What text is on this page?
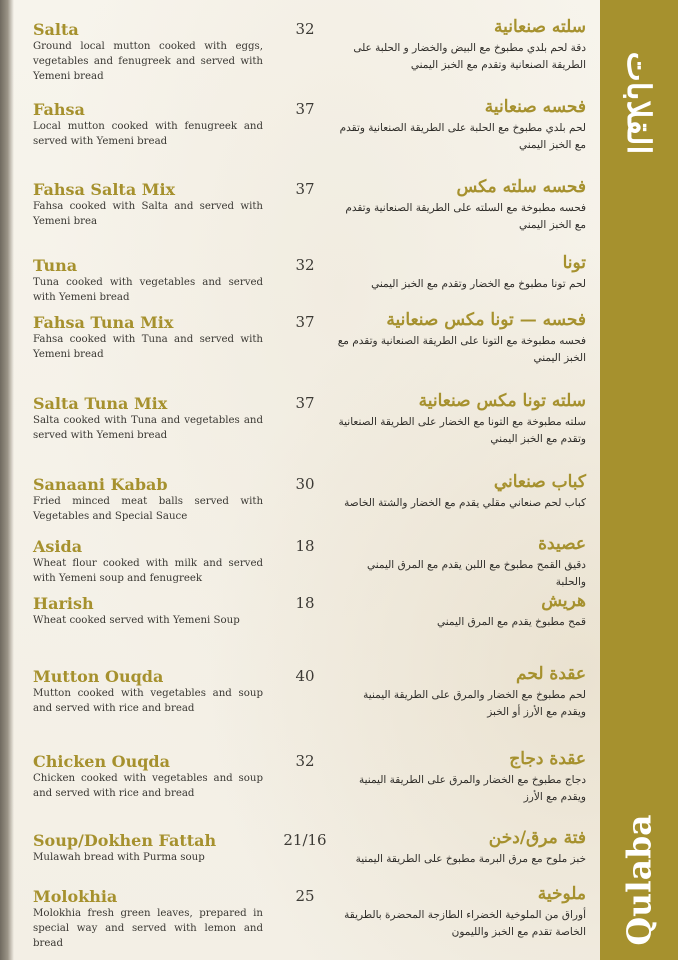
Salta	32
Ground local mutton cooked with eggs, vegetables and fenugreek and served with Yemeni bread
سلته صنعانية
دقة لحم بلدي مطبوخ مع البيض والخضار و الحلبة على الطريقة الصنعانية وتقدم مع الخبز اليمني
Fahsa	37
Local mutton cooked with fenugreek and served with Yemeni bread
فحسه صنعانية
لحم بلدي مطبوخ مع الحلبة على الطريقة الصنعانية وتقدم مع الخبز اليمني
Fahsa Salta Mix	37
Fahsa cooked with Salta and served with Yemeni brea
فحسه سلته مكس
فحسه مطبوخة مع السلته على الطريقة الصنعانية وتقدم مع الخبز اليمني
Tuna	32
Tuna cooked with vegetables and served with Yemeni bread
تونا
لحم تونا مطبوخ مع الخضار وتقدم مع الخبز اليمني
Fahsa Tuna Mix	37
Fahsa cooked with Tuna and served with Yemeni bread
فحسه — تونا مكس صنعانية
فحسه مطبوخة مع التونا على الطريقة الصنعانية وتقدم مع الخبز اليمني
Salta Tuna Mix	37
Salta cooked with Tuna and vegetables and served with Yemeni bread
سلته تونا مكس صنعانية
سلته مطبوخة مع التونا مع الخضار على الطريقة الصنعانية وتقدم مع الخبز اليمني
Sanaani Kabab	30
Fried minced meat balls served with Vegetables and Special Sauce
كباب صنعاني
كباب لحم صنعاني مقلي يقدم مع الخضار والشتة الخاصة
Asida	18
Wheat flour cooked with milk and served with Yemeni soup and fenugreek
عصيدة
دقيق القمح مطبوخ مع اللبن يقدم مع المرق اليمني والحلبة
Harish	18
Wheat cooked served with Yemeni Soup
هريش
قمح مطبوخ يقدم مع المرق اليمني
Mutton Ouqda	40
Mutton cooked with vegetables and soup and served with rice and bread
عقدة لحم
لحم مطبوخ مع الخضار والمرق على الطريقة اليمنية ويقدم مع الأرز أو الخبز
Chicken Ouqda	32
Chicken cooked with vegetables and soup and served with rice and bread
عقدة دجاج
دجاج مطبوخ مع الخضار والمرق على الطريقة اليمنية ويقدم مع الأرز
Soup/Dokhen Fattah	21/16
Mulawah bread with Purma soup
فتة مرق/دخن
خبز ملوح مع مرق البرمة مطبوخ على الطريقة اليمنية
Molokhia	25
Molokhia fresh green leaves, prepared in special way and served with lemon and bread
ملوخية
أوراق من الملوخية الخضراء الطازجة المحضرة بالطريقة الخاصة تقدم مع الخبز والليمون
القلابات
Qulaba
